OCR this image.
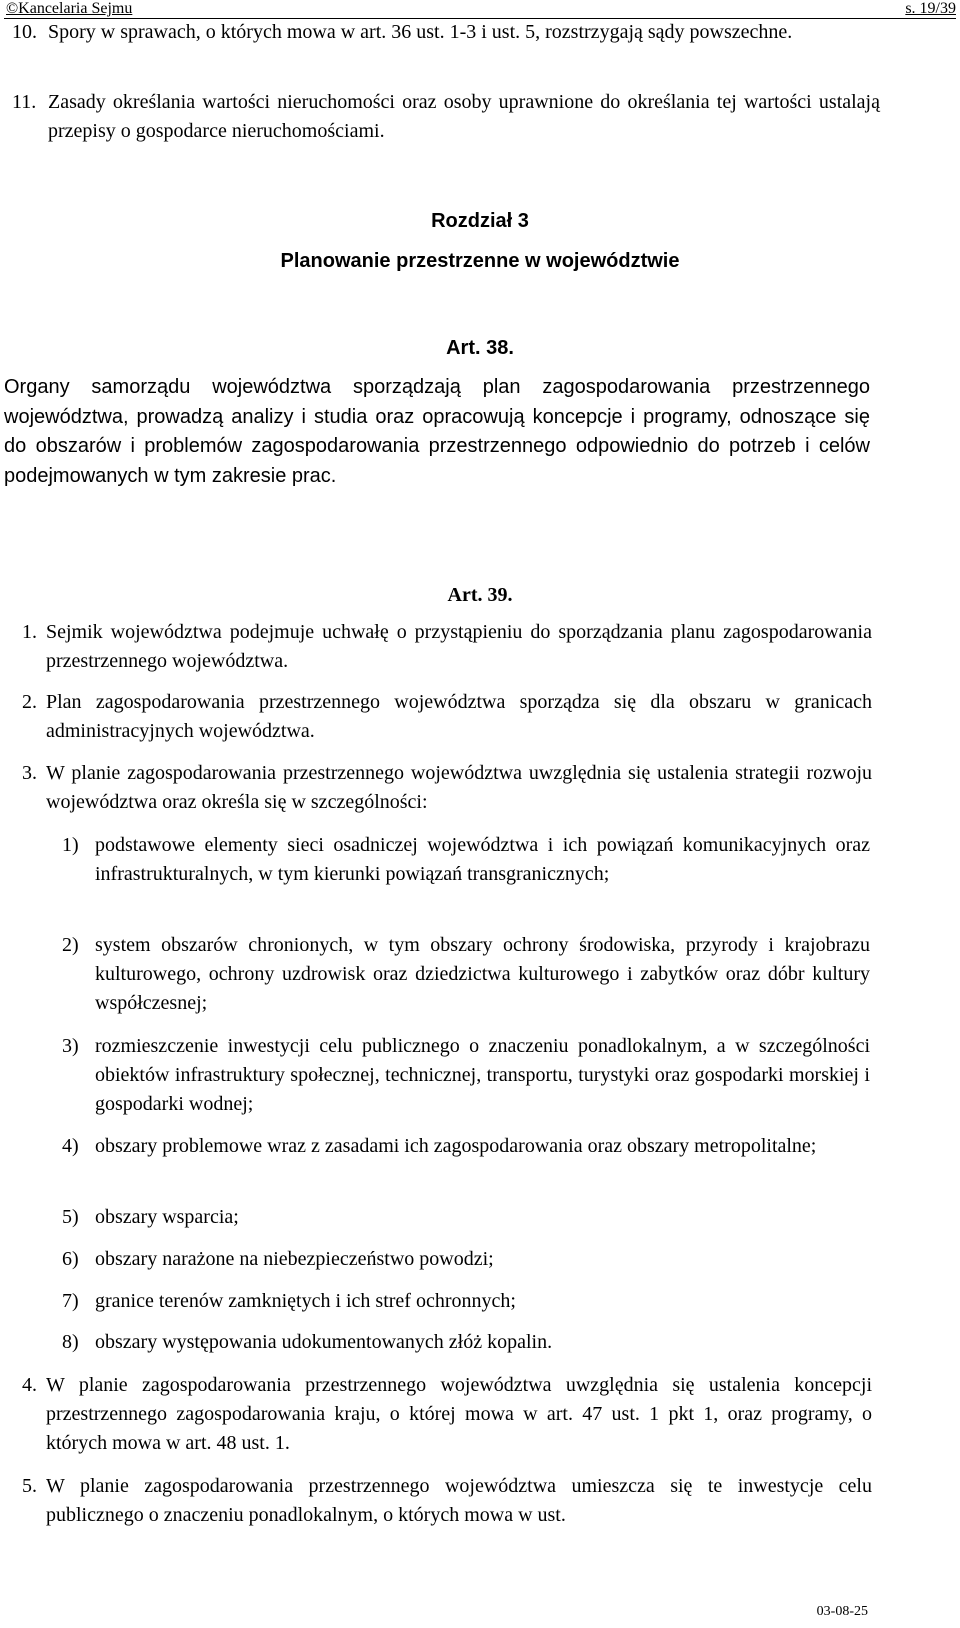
©Kancelaria Sejmu	s. 19/39
10. Spory w sprawach, o których mowa w art. 36 ust. 1-3 i ust. 5, rozstrzygają sądy powszechne.
11. Zasady określania wartości nieruchomości oraz osoby uprawnione do określania tej wartości ustalają przepisy o gospodarce nieruchomościami.
Rozdział 3
Planowanie przestrzenne w województwie
Art. 38.
Organy samorządu województwa sporządzają plan zagospodarowania przestrzennego województwa, prowadzą analizy i studia oraz opracowują koncepcje i programy, odnoszące się do obszarów i problemów zagospodarowania przestrzennego odpowiednio do potrzeb i celów podejmowanych w tym zakresie prac.
Art. 39.
1. Sejmik województwa podejmuje uchwałę o przystąpieniu do sporządzania planu zagospodarowania przestrzennego województwa.
2. Plan zagospodarowania przestrzennego województwa sporządza się dla obszaru w granicach administracyjnych województwa.
3. W planie zagospodarowania przestrzennego województwa uwzględnia się ustalenia strategii rozwoju województwa oraz określa się w szczególności:
1) podstawowe elementy sieci osadniczej województwa i ich powiązań komunikacyjnych oraz infrastrukturalnych, w tym kierunki powiązań transgranicznych;
2) system obszarów chronionych, w tym obszary ochrony środowiska, przyrody i krajobrazu kulturowego, ochrony uzdrowisk oraz dziedzictwa kulturowego i zabytków oraz dóbr kultury współczesnej;
3) rozmieszczenie inwestycji celu publicznego o znaczeniu ponadlokalnym, a w szczególności obiektów infrastruktury społecznej, technicznej, transportu, turystyki oraz gospodarki morskiej i gospodarki wodnej;
4) obszary problemowe wraz z zasadami ich zagospodarowania oraz obszary metropolitalne;
5) obszary wsparcia;
6) obszary narażone na niebezpieczeństwo powodzi;
7) granice terenów zamkniętych i ich stref ochronnych;
8) obszary występowania udokumentowanych złóż kopalin.
4. W planie zagospodarowania przestrzennego województwa uwzględnia się ustalenia koncepcji przestrzennego zagospodarowania kraju, o której mowa w art. 47 ust. 1 pkt 1, oraz programy, o których mowa w art. 48 ust. 1.
5. W planie zagospodarowania przestrzennego województwa umieszcza się te inwestycje celu publicznego o znaczeniu ponadlokalnym, o których mowa w ust.
03-08-25
